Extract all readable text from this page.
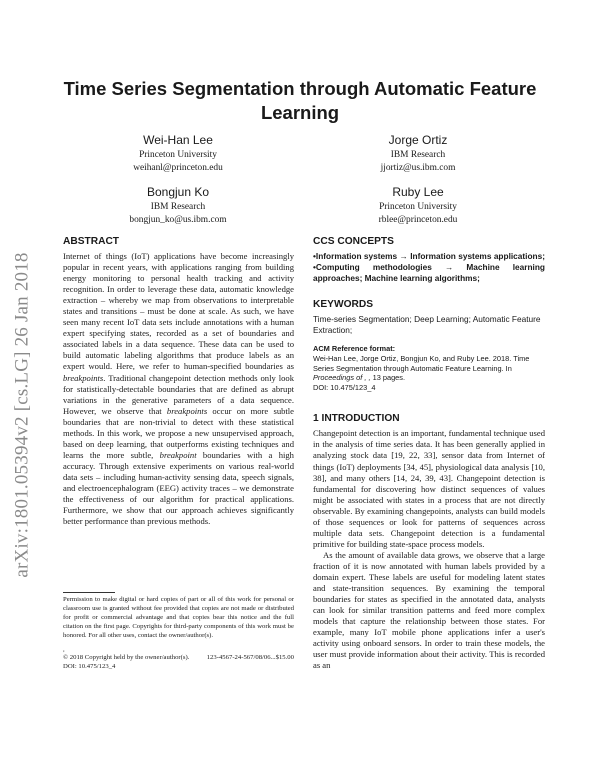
arXiv:1801.05394v2 [cs.LG] 26 Jan 2018
Time Series Segmentation through Automatic Feature Learning
Wei-Han Lee
Princeton University
weihanl@princeton.edu
Jorge Ortiz
IBM Research
jjortiz@us.ibm.com
Bongjun Ko
IBM Research
bongjun_ko@us.ibm.com
Ruby Lee
Princeton University
rblee@princeton.edu
ABSTRACT

Internet of things (IoT) applications have become increasingly popular in recent years, with applications ranging from building energy monitoring to personal health tracking and activity recognition. In order to leverage these data, automatic knowledge extraction – whereby we map from observations to interpretable states and transitions – must be done at scale. As such, we have seen many recent IoT data sets include annotations with a human expert specifying states, recorded as a set of boundaries and associated labels in a data sequence. These data can be used to build automatic labeling algorithms that produce labels as an expert would. Here, we refer to human-specified boundaries as breakpoints. Traditional changepoint detection methods only look for statistically-detectable boundaries that are defined as abrupt variations in the generative parameters of a data sequence. However, we observe that breakpoints occur on more subtle boundaries that are non-trivial to detect with these statistical methods. In this work, we propose a new unsupervised approach, based on deep learning, that outperforms existing techniques and learns the more subtle, breakpoint boundaries with a high accuracy. Through extensive experiments on various real-world data sets – including human-activity sensing data, speech signals, and electroencephalogram (EEG) activity traces – we demonstrate the effectiveness of our algorithm for practical applications. Furthermore, we show that our approach achieves significantly better performance than previous methods.

Permission to make digital or hard copies of part or all of this work for personal or classroom use is granted without fee provided that copies are not made or distributed for profit or commercial advantage and that copies bear this notice and the full citation on the first page. Copyrights for third-party components of this work must be honored. For all other uses, contact the owner/author(s).
,
© 2018 Copyright held by the owner/author(s).	123-4567-24-567/08/06...$15.00
DOI: 10.475/123_4
CCS CONCEPTS
•Information systems → Information systems applications; •Computing methodologies → Machine learning approaches; Machine learning algorithms;
KEYWORDS
Time-series Segmentation; Deep Learning; Automatic Feature Extraction;
ACM Reference format:
Wei-Han Lee, Jorge Ortiz, Bongjun Ko, and Ruby Lee. 2018. Time Series Segmentation through Automatic Feature Learning. In Proceedings of , , 13 pages.
DOI: 10.475/123_4
1 INTRODUCTION

Changepoint detection is an important, fundamental technique used in the analysis of time series data. It has been generally applied in analyzing stock data [19, 22, 33], sensor data from Internet of things (IoT) deployments [34, 45], physiological data analysis [10, 38], and many others [14, 24, 39, 43]. Changepoint detection is fundamental for discovering how distinct sequences of values might be associated with states in a process that are not directly observable. By examining changepoints, analysts can build models of those sequences or look for patterns of sequences across multiple data sets. Changepoint detection is a fundamental primitive for building state-space process models.

As the amount of available data grows, we observe that a large fraction of it is now annotated with human labels provided by a domain expert. These labels are useful for modeling latent states and state-transition sequences. By examining the temporal boundaries for states as specified in the annotated data, analysts can look for similar transition patterns and feed more complex models that capture the relationship between those states. For example, many IoT mobile phone applications infer a user's activity using onboard sensors. In order to train these models, the user must provide information about their activity. This is recorded as an
